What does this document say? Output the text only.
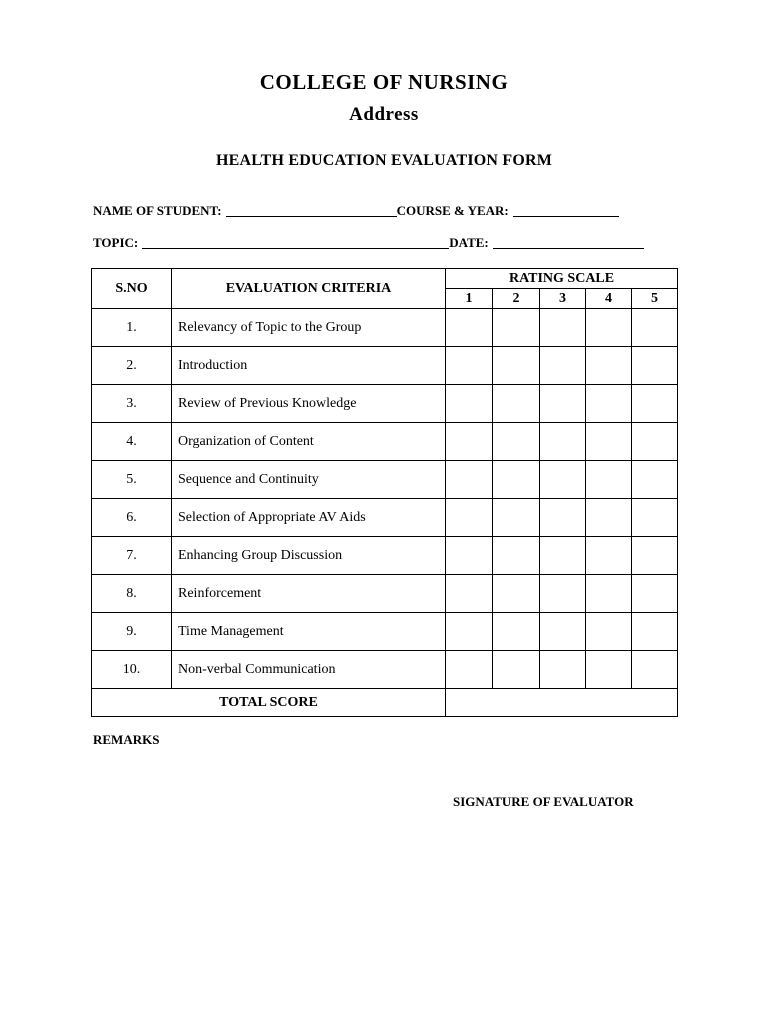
COLLEGE OF NURSING
Address
HEALTH EDUCATION EVALUATION FORM
NAME OF STUDENT:	COURSE & YEAR:
TOPIC:	DATE:
S.NO	EVALUATION CRITERIA	RATING SCALE				
		1	2	3	4	5
1.	Relevancy of Topic to the Group					
2.	Introduction					
3.	Review of Previous Knowledge					
4.	Organization of Content					
5.	Sequence and Continuity					
6.	Selection of Appropriate AV Aids					
7.	Enhancing Group Discussion					
8.	Reinforcement					
9.	Time Management					
10.	Non-verbal Communication					
TOTAL SCORE						
REMARKS
SIGNATURE OF EVALUATOR
